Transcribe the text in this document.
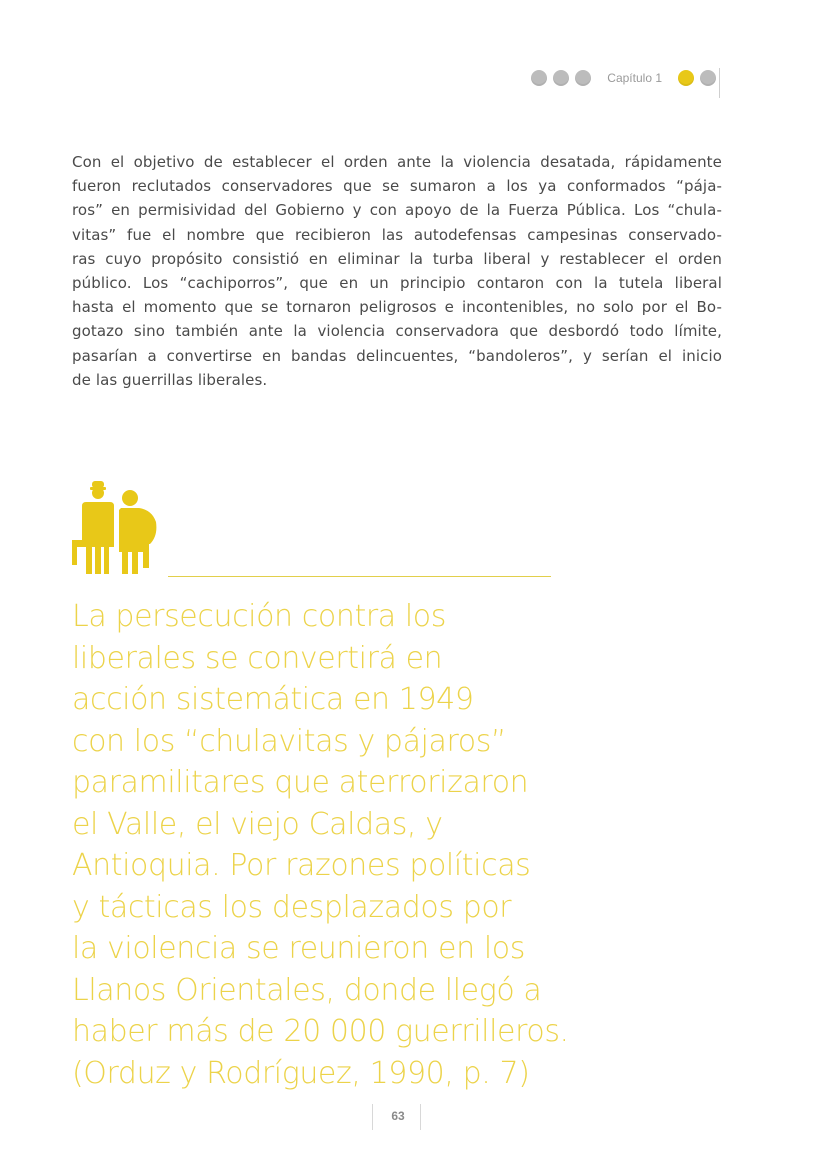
Capítulo 1
Con el objetivo de establecer el orden ante la violencia desatada, rápidamente
fueron reclutados conservadores que se sumaron a los ya conformados “pája-
ros” en permisividad del Gobierno y con apoyo de la Fuerza Pública. Los “chula-
vitas” fue el nombre que recibieron las autodefensas campesinas conservado-
ras cuyo propósito consistió en eliminar la turba liberal y restablecer el orden
público. Los “cachiporros”, que en un principio contaron con la tutela liberal
hasta el momento que se tornaron peligrosos e incontenibles, no solo por el Bo-
gotazo sino también ante la violencia conservadora que desbordó todo límite,
pasarían a convertirse en bandas delincuentes, “bandoleros”, y serían el inicio
de las guerrillas liberales.
La persecución contra los
liberales se convertirá en
acción sistemática en 1949
con los “chulavitas y pájaros”
paramilitares que aterrorizaron
el Valle, el viejo Caldas, y
Antioquia. Por razones políticas
y tácticas los desplazados por
la violencia se reunieron en los
Llanos Orientales, donde llegó a
haber más de 20 000 guerrilleros.
(Orduz y Rodríguez, 1990, p. 7)
63
